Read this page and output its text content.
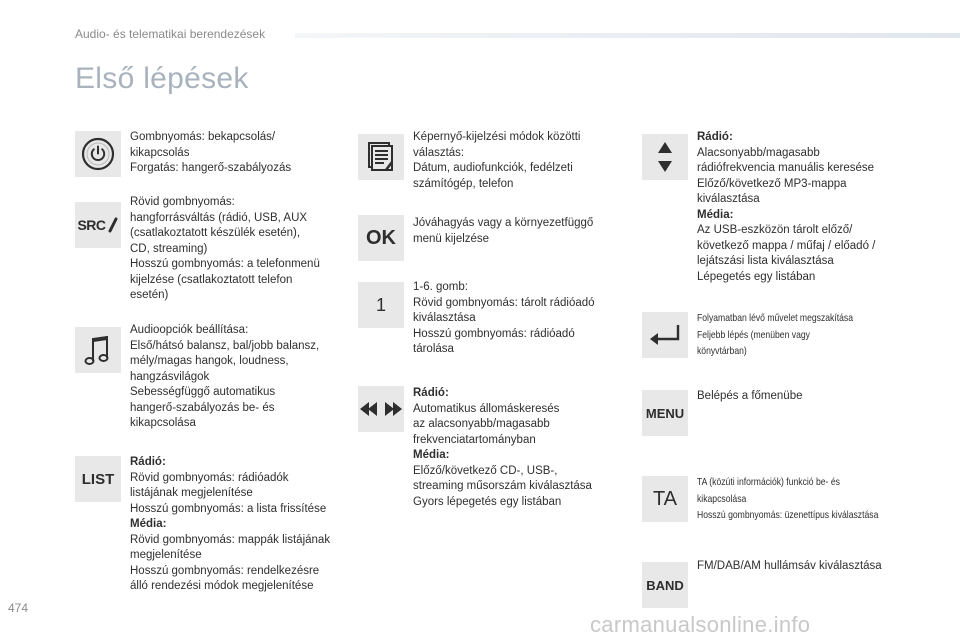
Audio- és telematikai berendezések
Első lépések
Gombnyomás: bekapcsolás/
kikapcsolás
Forgatás: hangerő-szabályozás
SRC
Rövid gombnyomás:
hangforrásváltás (rádió, USB, AUX
(csatlakoztatott készülék esetén),
CD, streaming)
Hosszú gombnyomás: a telefonmenü
kijelzése (csatlakoztatott telefon
esetén)
Audioopciók beállítása:
Első/hátsó balansz, bal/jobb balansz,
mély/magas hangok, loudness,
hangzásvilágok
Sebességfüggő automatikus
hangerő-szabályozás be- és
kikapcsolása
LIST
Rádió:
Rövid gombnyomás: rádióadók
listájának megjelenítése
Hosszú gombnyomás: a lista frissítése
Média:
Rövid gombnyomás: mappák listájának
megjelenítése
Hosszú gombnyomás: rendelkezésre
álló rendezési módok megjelenítése
Képernyő-kijelzési módok közötti
választás:
Dátum, audiofunkciók, fedélzeti
számítógép, telefon
OK
Jóváhagyás vagy a környezetfüggő
menü kijelzése
1
1-6. gomb:
Rövid gombnyomás: tárolt rádióadó
kiválasztása
Hosszú gombnyomás: rádióadó
tárolása
Rádió:
Automatikus állomáskeresés
az alacsonyabb/magasabb
frekvenciatartományban
Média:
Előző/következő CD-, USB-,
streaming műsorszám kiválasztása
Gyors lépegetés egy listában
Rádió:
Alacsonyabb/magasabb
rádiófrekvencia manuális keresése
Előző/következő MP3-mappa
kiválasztása
Média:
Az USB-eszközön tárolt előző/
következő mappa / műfaj / előadó /
lejátszási lista kiválasztása
Lépegetés egy listában
Folyamatban lévő művelet megszakítása
Feljebb lépés (menüben vagy
könyvtárban)
MENU
Belépés a főmenübe
TA
TA (közúti információk) funkció be- és
kikapcsolása
Hosszú gombnyomás: üzenettípus kiválasztása
BAND
FM/DAB/AM hullámsáv kiválasztása
474
carmanualsonline.info
